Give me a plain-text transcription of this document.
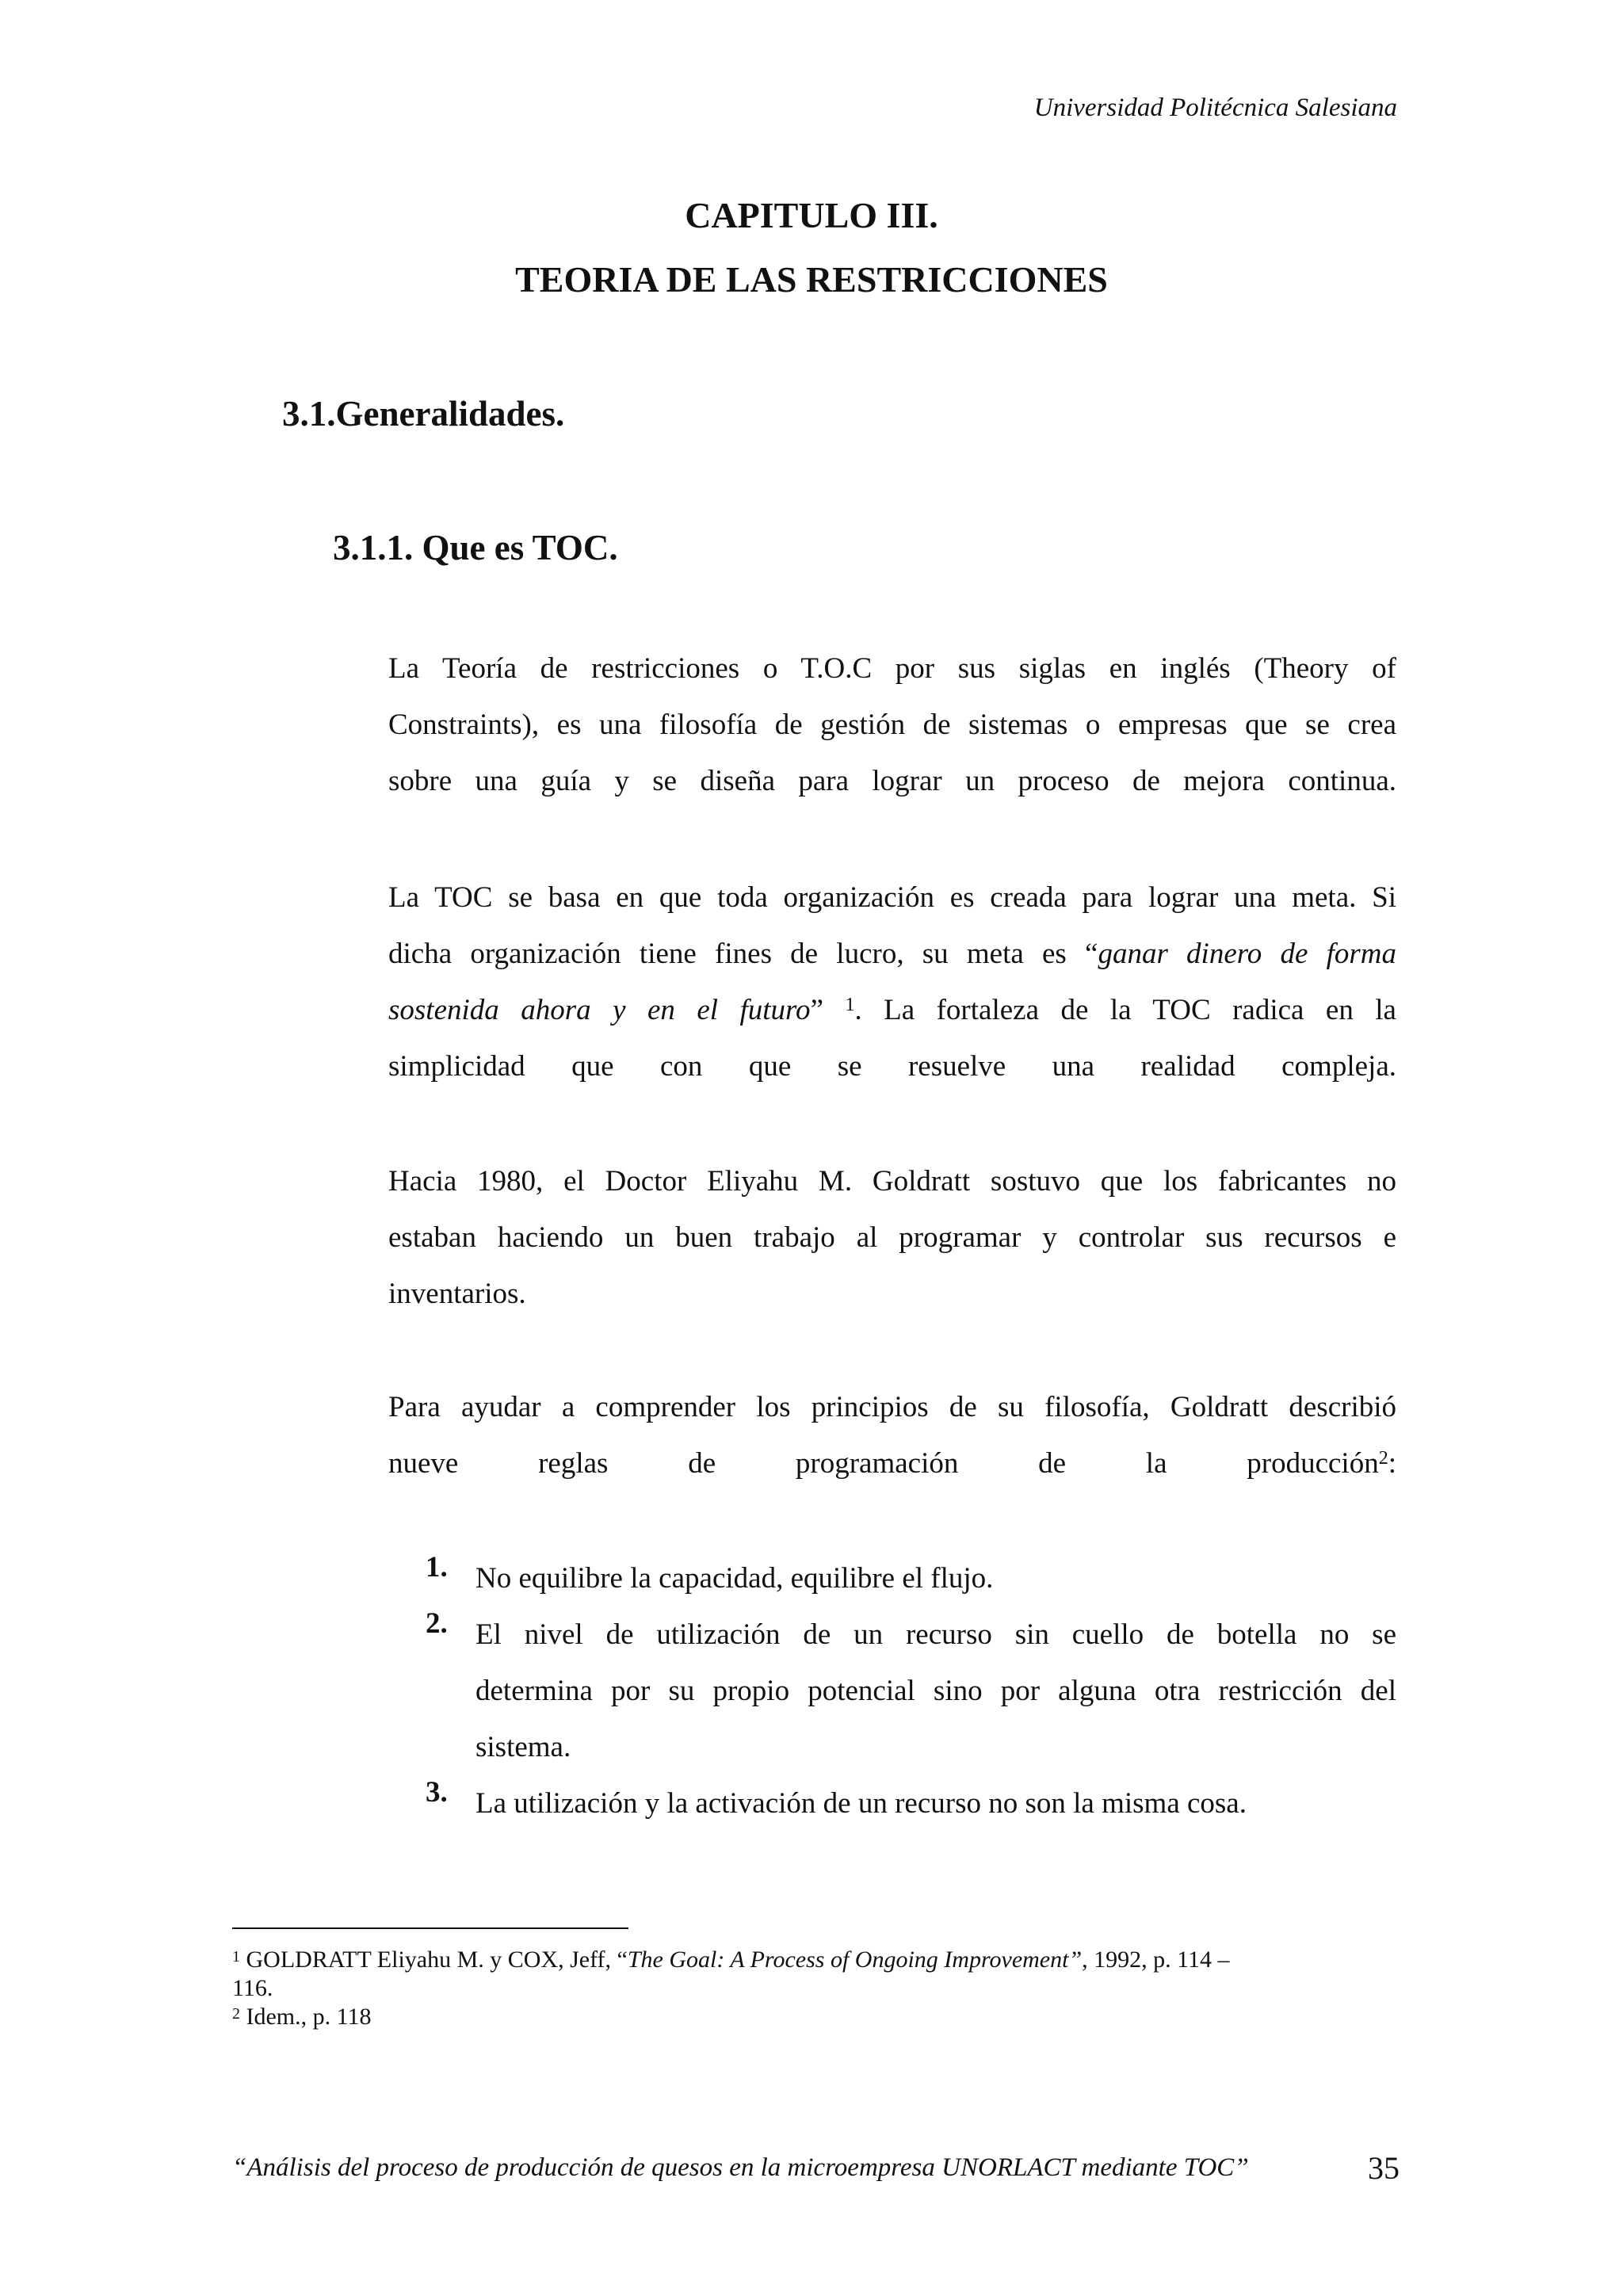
Universidad Politécnica Salesiana
CAPITULO III.
TEORIA DE LAS RESTRICCIONES
3.1.Generalidades.
3.1.1. Que es TOC.
La Teoría de restricciones o T.O.C por sus siglas en inglés (Theory of
Constraints), es una filosofía de gestión de sistemas o empresas que se crea
sobre una guía y se diseña para lograr un proceso de mejora continua.
La TOC se basa en que toda organización es creada para lograr una meta. Si
dicha organización tiene fines de lucro, su meta es “ganar dinero de forma
sostenida ahora y en el futuro” $^1$. La fortaleza de la TOC radica en la
simplicidad que con que se resuelve una realidad compleja.
Hacia 1980, el Doctor Eliyahu M. Goldratt sostuvo que los fabricantes no
estaban haciendo un buen trabajo al programar y controlar sus recursos e
inventarios.
Para ayudar a comprender los principios de su filosofía, Goldratt describió
nueve reglas de programación de la producción$^2$:
1. No equilibre la capacidad, equilibre el flujo.
2. El nivel de utilización de un recurso sin cuello de botella no se
determina por su propio potencial sino por alguna otra restricción del
sistema.
3. La utilización y la activación de un recurso no son la misma cosa.
$^1$ GOLDRATT Eliyahu M. y COX, Jeff, “The Goal: A Process of Ongoing Improvement”, 1992, p. 114 –
116.
$^2$ Idem., p. 118
“Análisis del proceso de producción de quesos en la microempresa UNORLACT mediante TOC”	35
